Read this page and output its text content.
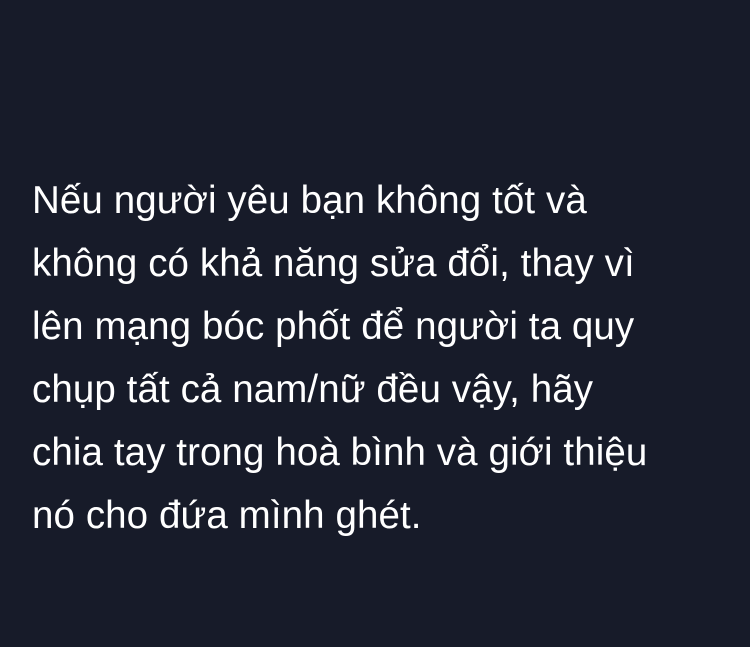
Nếu người yêu bạn không tốt và
không có khả năng sửa đổi, thay vì
lên mạng bóc phốt để người ta quy
chụp tất cả nam/nữ đều vậy, hãy
chia tay trong hoà bình và giới thiệu
nó cho đứa mình ghét.
